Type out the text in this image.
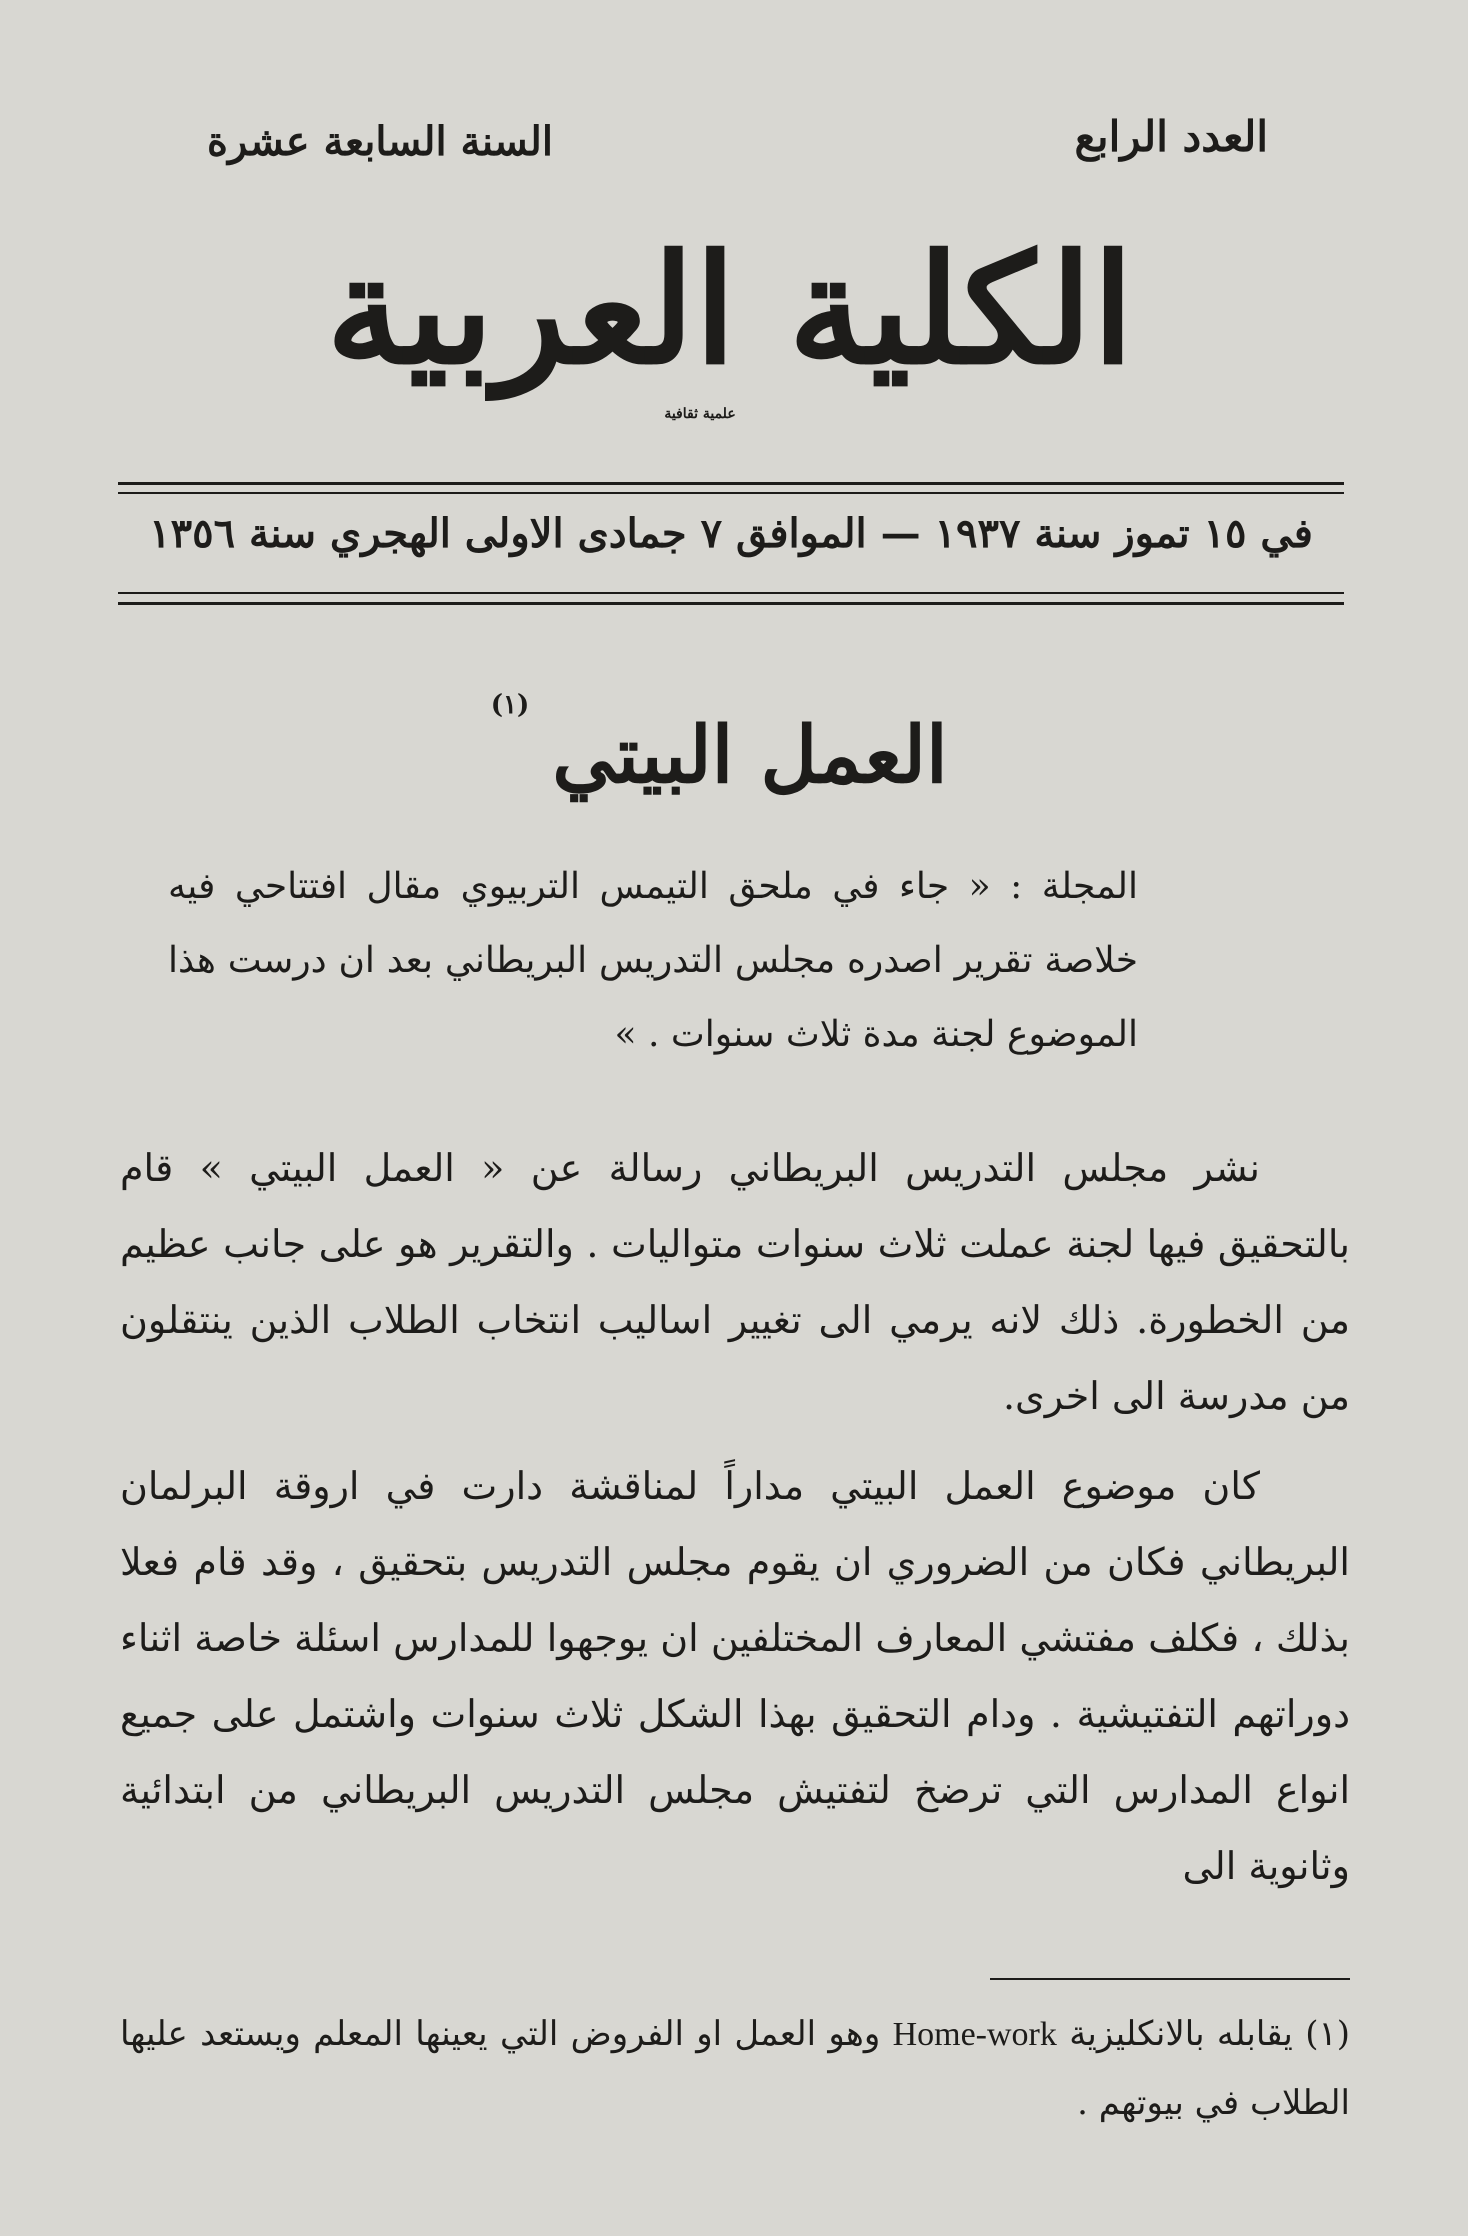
العدد الرابع
السنة السابعة عشرة
الكلية العربية
علمية ثقافية
في ١٥ تموز سنة ١٩٣٧ — الموافق ٧ جمادى الاولى الهجري سنة ١٣٥٦
العمل البيتي
(١)
المجلة : « جاء في ملحق التيمس التربيوي مقال افتتاحي فيه خلاصة تقرير اصدره مجلس التدريس البريطاني بعد ان درست هذا الموضوع لجنة مدة ثلاث سنوات . »
نشر مجلس التدريس البريطاني رسالة عن « العمل البيتي » قام بالتحقيق فيها لجنة عملت ثلاث سنوات متواليات . والتقرير هو على جانب عظيم من الخطورة. ذلك لانه يرمي الى تغيير اساليب انتخاب الطلاب الذين ينتقلون من مدرسة الى اخرى.
كان موضوع العمل البيتي مداراً لمناقشة دارت في اروقة البرلمان البريطاني فكان من الضروري ان يقوم مجلس التدريس بتحقيق ، وقد قام فعلا بذلك ، فكلف مفتشي المعارف المختلفين ان يوجهوا للمدارس اسئلة خاصة اثناء دوراتهم التفتيشية . ودام التحقيق بهذا الشكل ثلاث سنوات واشتمل على جميع انواع المدارس التي ترضخ لتفتيش مجلس التدريس البريطاني من ابتدائية وثانوية الى
(١) يقابله بالانكليزية Home-work وهو العمل او الفروض التي يعينها المعلم ويستعد عليها الطلاب في بيوتهم .
